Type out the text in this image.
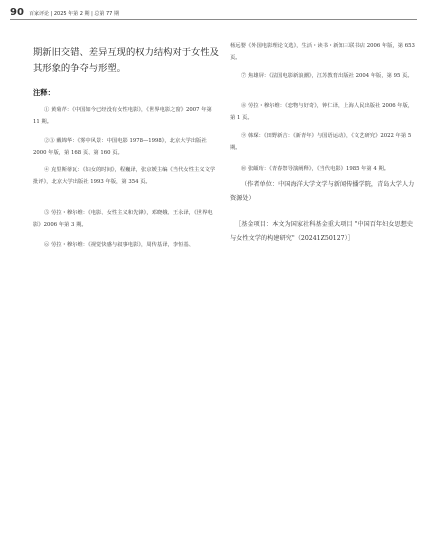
90 百家评论 | 2025 年第 2 期 | 总第 77 期
期新旧交错、差异互现的权力结构对于女性及其形象的争夺与形塑。
注释：
① 黄菊芹：《中国如今已经没有女性电影》，《世界电影之窗》2007 年第 11 期。
②③ 戴锦华：《雾中风景：中国电影 1978—1998》，北京大学出版社 2000 年版，第 168 页、第 160 页。
④ 克里斯蒂瓦：《妇女的时间》，程巍译，张京媛主编《当代女性主义文学批评》，北京大学出版社 1993 年版，第 354 页。
⑤ 劳拉・穆尔维：《电影、女性主义和先锋》，邓晓娥、王永译，《世界电影》2006 年第 3 期。
⑥ 劳拉・穆尔维：《视觉快感与叙事电影》，周传基译，李恒基、
杨远婴《外国电影理论文选》，生活・读书・新知三联书店 2006 年版，第 653 页。
⑦ 焦雄屏：《法国电影新浪潮》，江苏教育出版社 2004 年版，第 95 页。
⑧ 劳拉・穆尔维：《恋物与好奇》，钟仁译，上海人民出版社 2006 年版，第 1 页。
⑨ 韩琛：《田野新吉：《新青年》与国语运动》，《文艺研究》2022 年第 5 期。
⑩ 张頔珩：《青春祭导演阐释》，《当代电影》1985 年第 4 期。
（作者单位：中国海洋大学文学与新闻传播学院，青岛大学人力资源处）
［基金项目：本文为国家社科基金重大项目 "中国百年妇女思想史与女性文学的构建研究"（20241Z50127）］
